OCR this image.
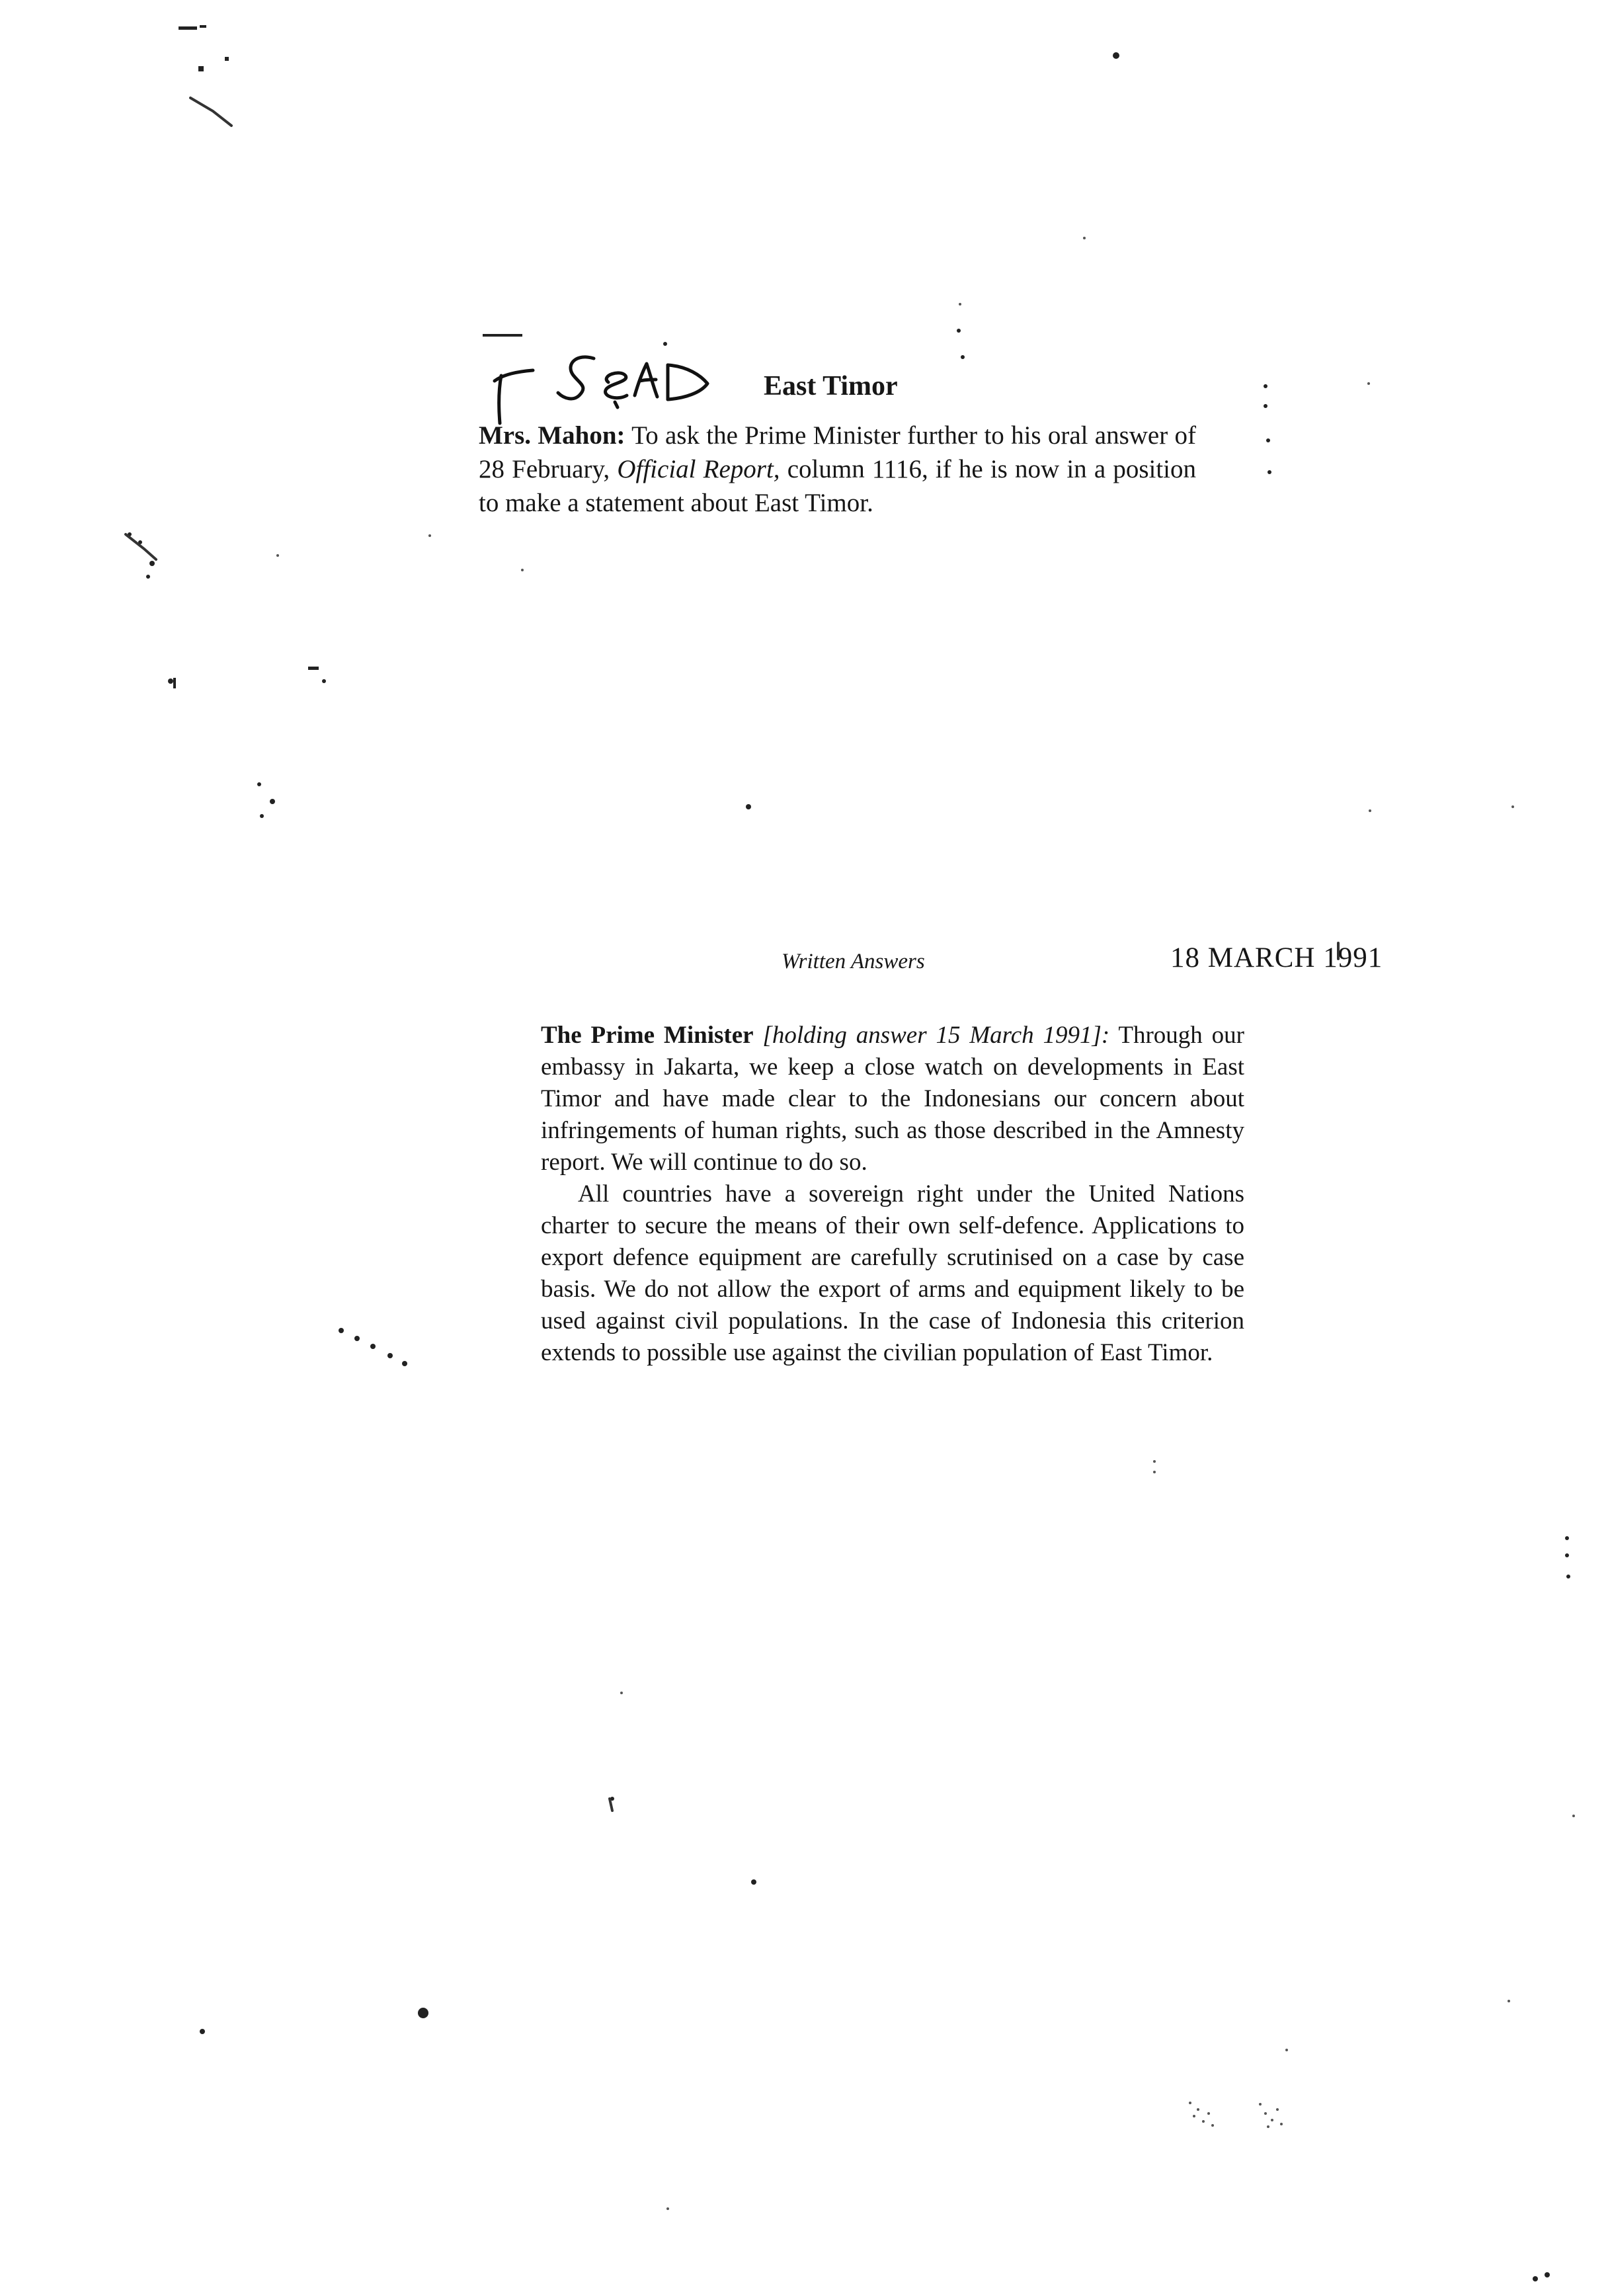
East Timor
Mrs. Mahon: To ask the Prime Minister further to his oral answer of 28 February, Official Report, column 1116, if he is now in a position to make a statement about East Timor.
Written Answers	18 MARCH 1991

The Prime Minister [holding answer 15 March 1991]: Through our embassy in Jakarta, we keep a close watch on developments in East Timor and have made clear to the Indonesians our concern about infringements of human rights, such as those described in the Amnesty report. We will continue to do so.

All countries have a sovereign right under the United Nations charter to secure the means of their own self-defence. Applications to export defence equipment are carefully scrutinised on a case by case basis. We do not allow the export of arms and equipment likely to be used against civil populations. In the case of Indonesia this criterion extends to possible use against the civilian population of East Timor.
